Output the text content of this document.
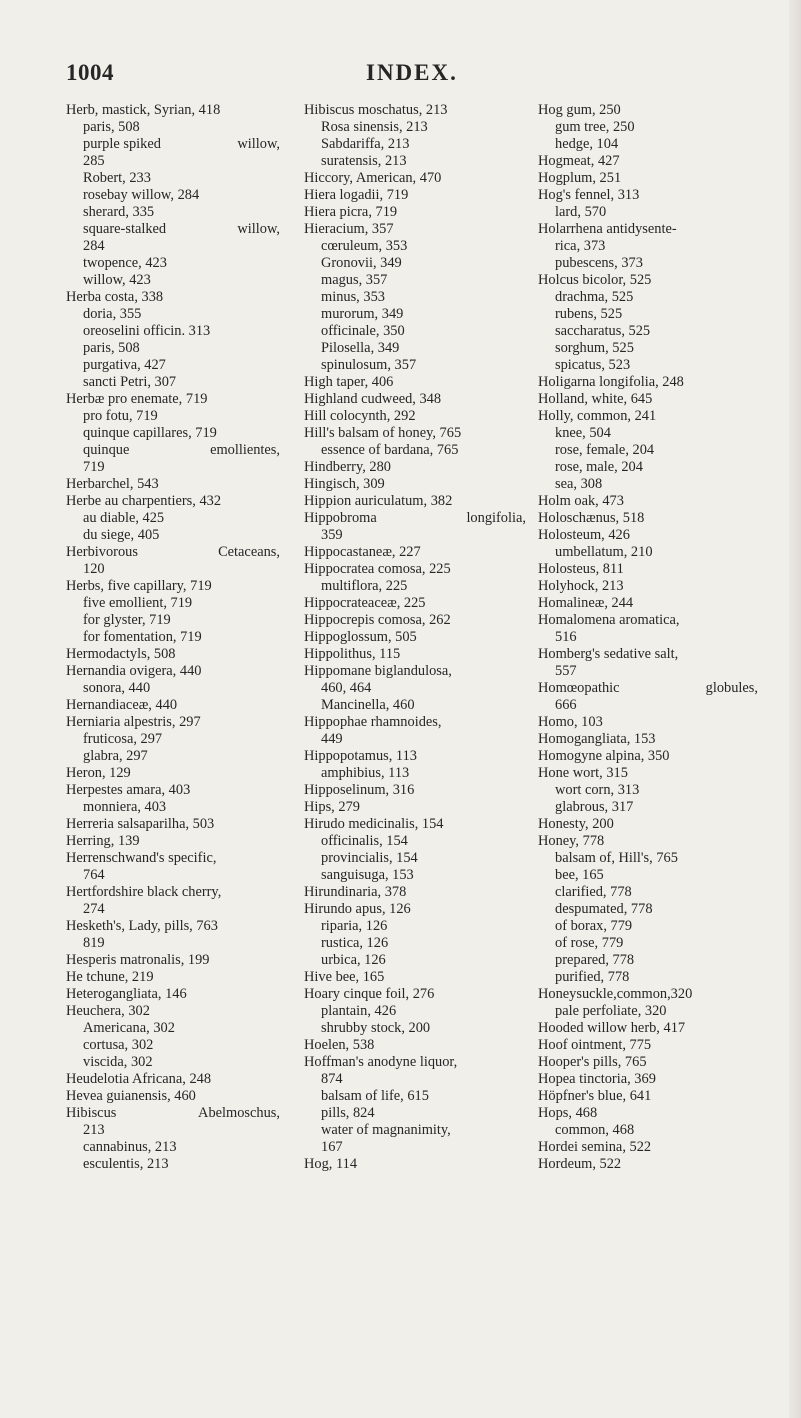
1004	INDEX.
Herb, mastick, Syrian, 418
paris, 508
purple spiked	willow,
285
Robert, 233
rosebay willow, 284
sherard, 335
square-stalked	willow,
284
twopence, 423
willow, 423
Herba costa, 338
doria, 355
oreoselini officin. 313
paris, 508
purgativa, 427
sancti Petri, 307
Herbæ pro enemate, 719
pro fotu, 719
quinque capillares, 719
quinque	emollientes,
719
Herbarchel, 543
Herbe au charpentiers, 432
au diable, 425
du siege, 405
Herbivorous	Cetaceans,
120
Herbs, five capillary, 719
five emollient, 719
for glyster, 719
for fomentation, 719
Hermodactyls, 508
Hernandia ovigera, 440
sonora, 440
Hernandiaceæ, 440
Herniaria alpestris, 297
fruticosa, 297
glabra, 297
Heron, 129
Herpestes amara, 403
monniera, 403
Herreria salsaparilha, 503
Herring, 139
Herrenschwand's specific,
764
Hertfordshire black cherry,
274
Hesketh's, Lady, pills, 763
819
Hesperis matronalis, 199
He tchune, 219
Heterogangliata, 146
Heuchera, 302
Americana, 302
cortusa, 302
viscida, 302
Heudelotia Africana, 248
Hevea guianensis, 460
Hibiscus	Abelmoschus,
213
cannabinus, 213
esculentis, 213
Hibiscus moschatus, 213
Rosa sinensis, 213
Sabdariffa, 213
suratensis, 213
Hiccory, American, 470
Hiera logadii, 719
Hiera picra, 719
Hieracium, 357
cœruleum, 353
Gronovii, 349
magus, 357
minus, 353
murorum, 349
officinale, 350
Pilosella, 349
spinulosum, 357
High taper, 406
Highland cudweed, 348
Hill colocynth, 292
Hill's balsam of honey, 765
essence of bardana, 765
Hindberry, 280
Hingisch, 309
Hippion auriculatum, 382
Hippobroma	longifolia,
359
Hippocastaneæ, 227
Hippocratea comosa, 225
multiflora, 225
Hippocrateaceæ, 225
Hippocrepis comosa, 262
Hippoglossum, 505
Hippolithus, 115
Hippomane biglandulosa,
460, 464
Mancinella, 460
Hippophae rhamnoides,
449
Hippopotamus, 113
amphibius, 113
Hipposelinum, 316
Hips, 279
Hirudo medicinalis, 154
officinalis, 154
provincialis, 154
sanguisuga, 153
Hirundinaria, 378
Hirundo apus, 126
riparia, 126
rustica, 126
urbica, 126
Hive bee, 165
Hoary cinque foil, 276
plantain, 426
shrubby stock, 200
Hoelen, 538
Hoffman's anodyne liquor,
874
balsam of life, 615
pills, 824
water of magnanimity,
167
Hog, 114
Hog gum, 250
gum tree, 250
hedge, 104
Hogmeat, 427
Hogplum, 251
Hog's fennel, 313
lard, 570
Holarrhena antidysente-
rica, 373
pubescens, 373
Holcus bicolor, 525
drachma, 525
rubens, 525
saccharatus, 525
sorghum, 525
spicatus, 523
Holigarna longifolia, 248
Holland, white, 645
Holly, common, 241
knee, 504
rose, female, 204
rose, male, 204
sea, 308
Holm oak, 473
Holoschænus, 518
Holosteum, 426
umbellatum, 210
Holosteus, 811
Holyhock, 213
Homalineæ, 244
Homalomena aromatica,
516
Homberg's sedative salt,
557
Homœopathic	globules,
666
Homo, 103
Homogangliata, 153
Homogyne alpina, 350
Hone wort, 315
wort corn, 313
glabrous, 317
Honesty, 200
Honey, 778
balsam of, Hill's, 765
bee, 165
clarified, 778
despumated, 778
of borax, 779
of rose, 779
prepared, 778
purified, 778
Honeysuckle,common,320
pale perfoliate, 320
Hooded willow herb, 417
Hoof ointment, 775
Hooper's pills, 765
Hopea tinctoria, 369
Höpfner's blue, 641
Hops, 468
common, 468
Hordei semina, 522
Hordeum, 522
